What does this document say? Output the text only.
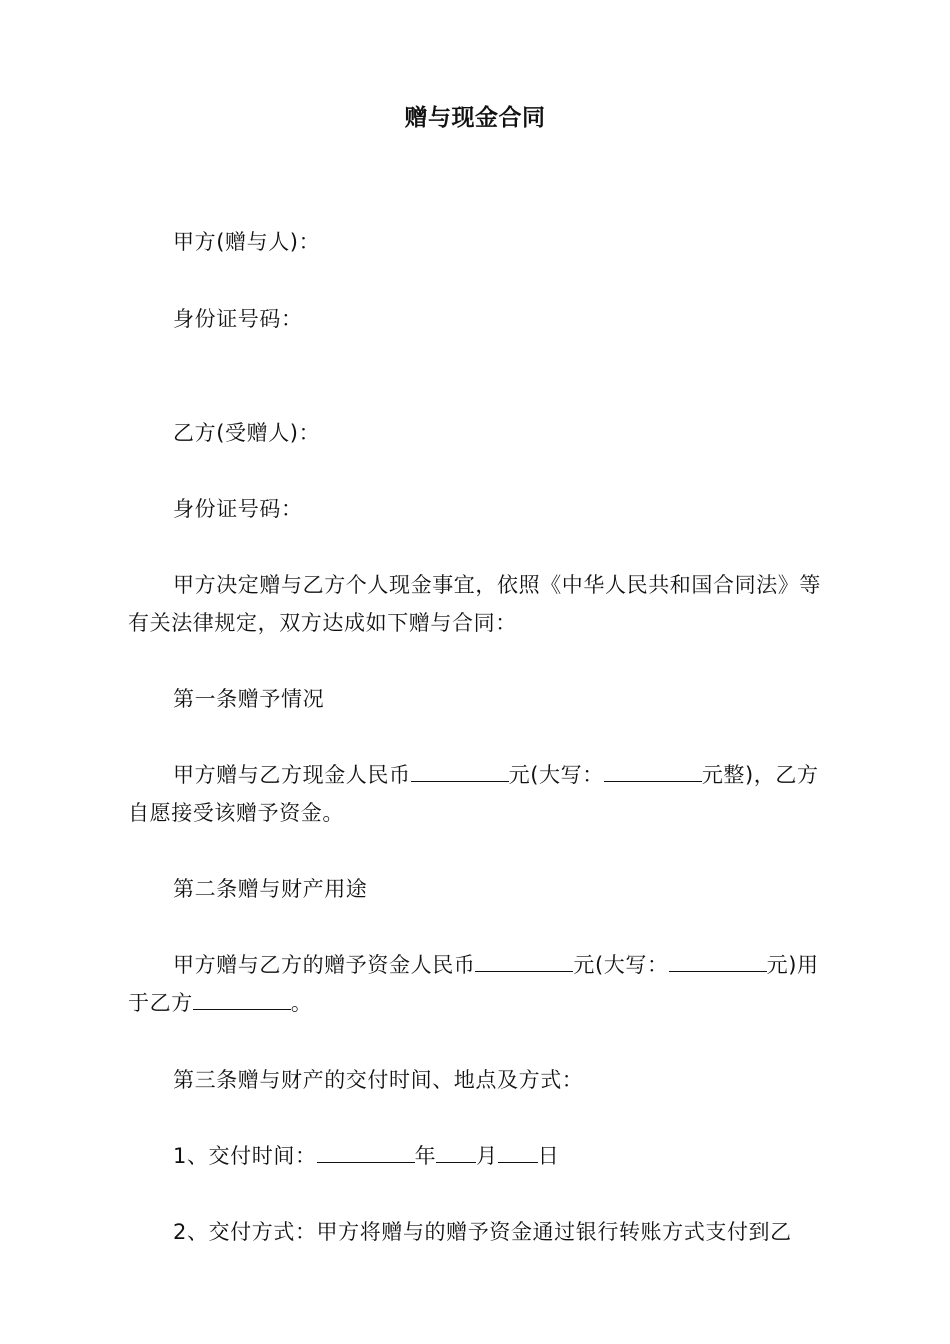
赠与现金合同
甲方(赠与人)：
身份证号码：
乙方(受赠人)：
身份证号码：
甲方决定赠与乙方个人现金事宜，依照《中华人民共和国合同法》等有关法律规定，双方达成如下赠与合同：
第一条赠予情况
甲方赠与乙方现金人民币	元(大写：	元整)，乙方自愿接受该赠予资金。
第二条赠与财产用途
甲方赠与乙方的赠予资金人民币	元(大写：	元)用于乙方	。
第三条赠与财产的交付时间、地点及方式：
1、交付时间：	年 月 日
2、交付方式：甲方将赠与的赠予资金通过银行转账方式支付到乙
